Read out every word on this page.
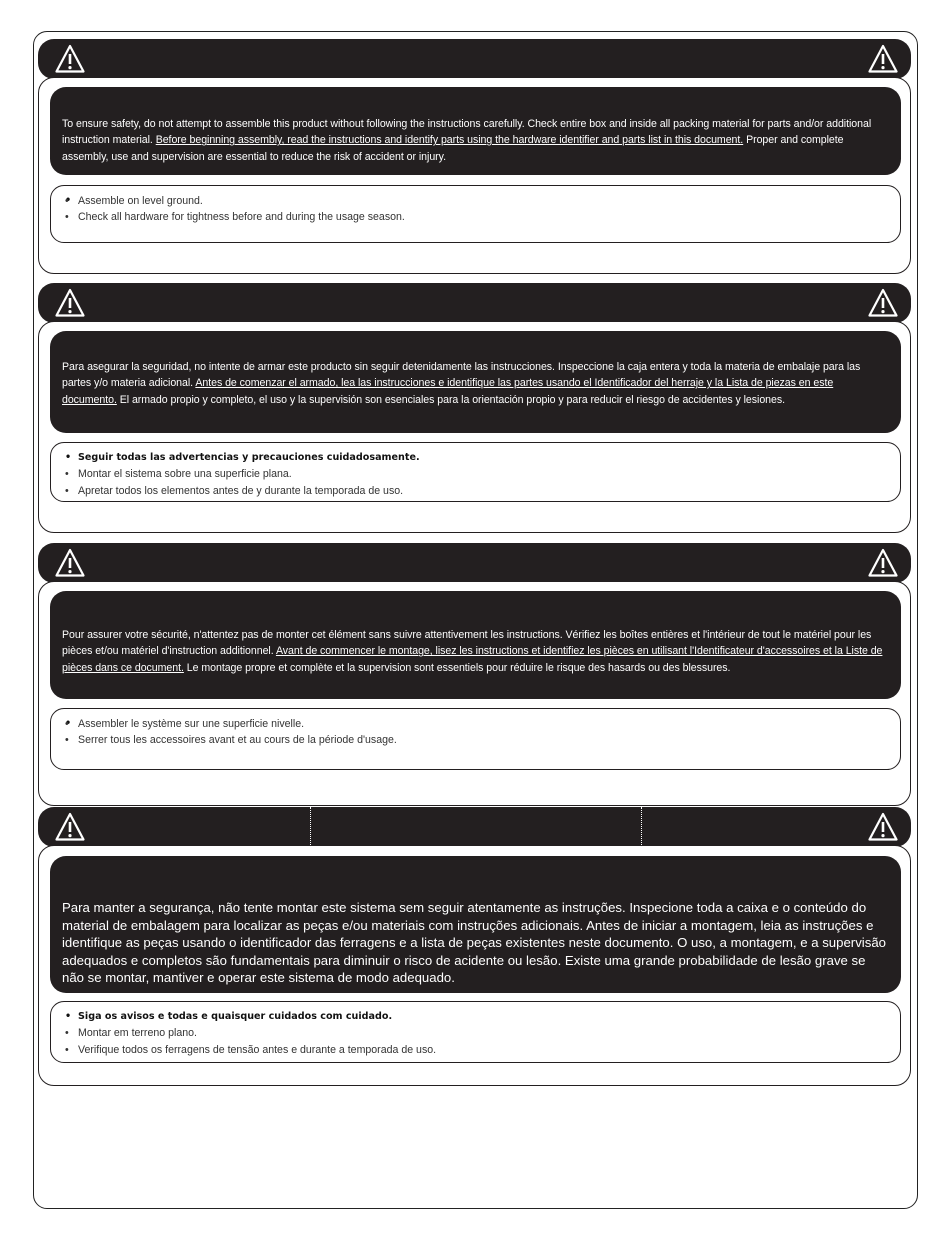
To ensure safety, do not attempt to assemble this product without following the instructions carefully. Check entire box and inside all packing material for parts and/or additional instruction material. Before beginning assembly, read the instructions and identify parts using the hardware identifier and parts list in this document. Proper and complete assembly, use and supervision are essential to reduce the risk of accident or injury.

• Assemble on level ground.
• Check all hardware for tightness before and during the usage season.

Para asegurar la seguridad, no intente de armar este producto sin seguir detenidamente las instrucciones. Inspeccione la caja entera y toda la materia de embalaje para las partes y/o materia adicional. Antes de comenzar el armado, lea las instrucciones e identifique las partes usando el Identificador del herraje y la Lista de piezas en este documento. El armado propio y completo, el uso y la supervisión son esenciales para la orientación propio y para reducir el riesgo de accidentes y lesiones.

• Seguir todas las advertencias y precauciones cuidadosamente.
• Montar el sistema sobre una superficie plana.
• Apretar todos los elementos antes de y durante la temporada de uso.

Pour assurer votre sécurité, n'attentez pas de monter cet élément sans suivre attentivement les instructions. Vérifiez les boîtes entières et l'intérieur de tout le matériel pour les pièces et/ou matériel d'instruction additionnel. Avant de commencer le montage, lisez les instructions et identifiez les pièces en utilisant l'Identificateur d'accessoires et la Liste de pièces dans ce document. Le montage propre et complète et la supervision sont essentiels pour réduire le risque des hasards ou des blessures.

• Assembler le système sur une superficie nivelle.
• Serrer tous les accessoires avant et au cours de la période d'usage.

Para manter a segurança, não tente montar este sistema sem seguir atentamente as instruções. Inspecione toda a caixa e o conteúdo do material de embalagem para localizar as peças e/ou materiais com instruções adicionais. Antes de iniciar a montagem, leia as instruções e identifique as peças usando o identificador das ferragens e a lista de peças existentes neste documento. O uso, a montagem, e a supervisão adequados e completos são fundamentais para diminuir o risco de acidente ou lesão. Existe uma grande probabilidade de lesão grave se não se montar, mantiver e operar este sistema de modo adequado.

• Siga os avisos e todas e quaisquer cuidados com cuidado.
• Montar em terreno plano.
• Verifique todos os ferragens de tensão antes e durante a temporada de uso.
